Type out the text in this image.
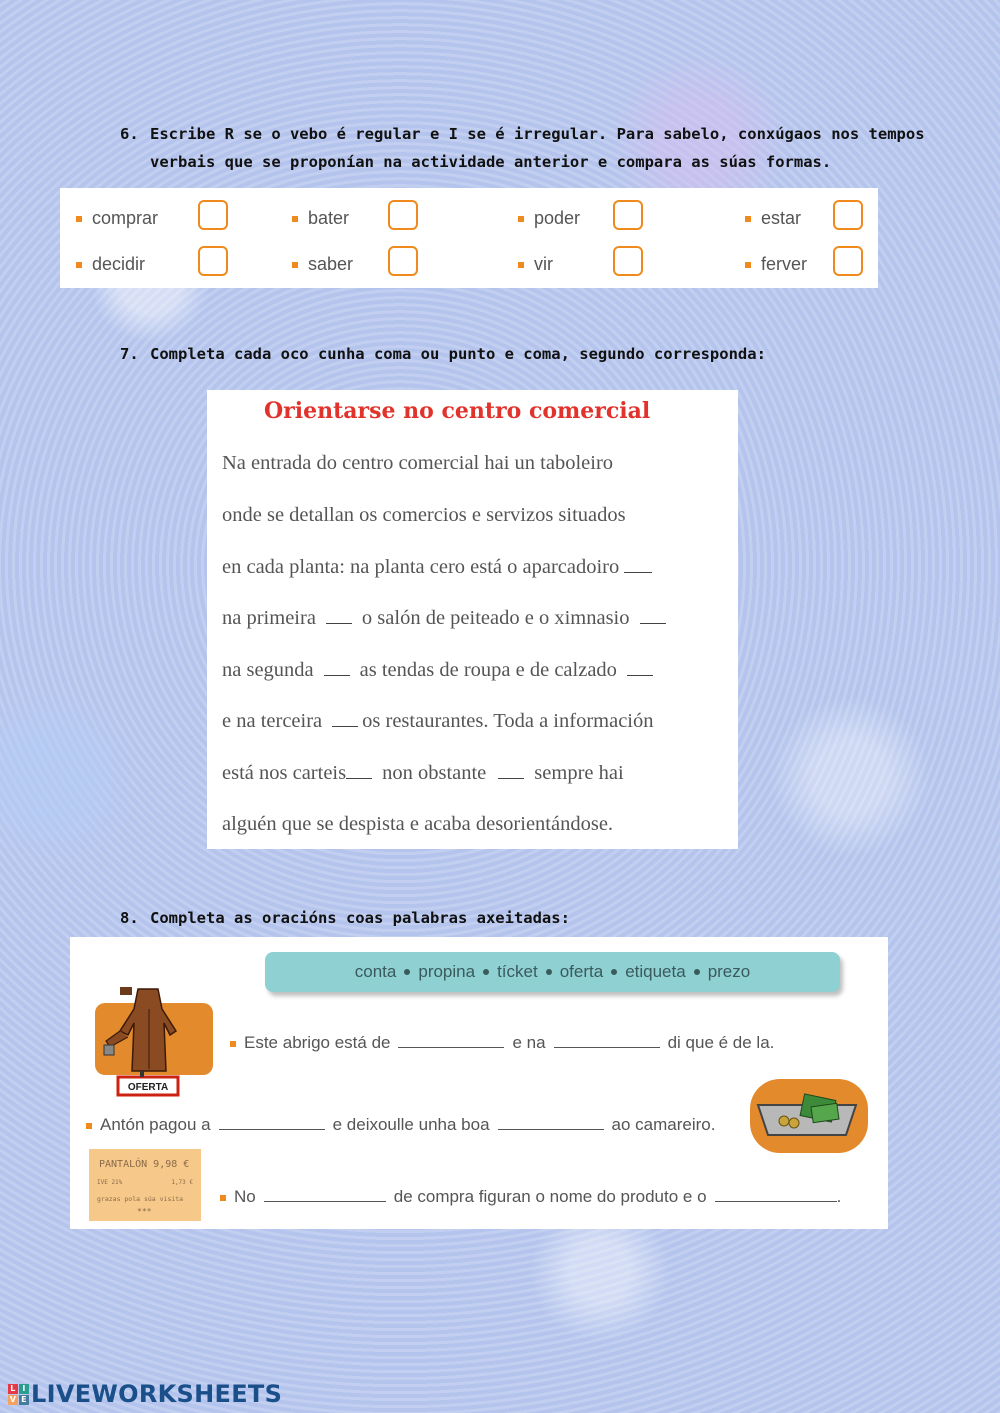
6. Escribe R se o vebo é regular e I se é irregular. Para sabelo, conxúgaos nos tempos
verbais que se proponían na actividade anterior e compara as súas formas.
comprar	bater	poder	estar
decidir	saber	vir	ferver
7. Completa cada oco cunha coma ou punto e coma, segundo corresponda:
Orientarse no centro comercial
Na entrada do centro comercial hai un taboleiro
onde se detallan os comercios e servizos situados
en cada planta: na planta cero está o aparcadoiro
na primeira o salón de peiteado e o ximnasio
na segunda as tendas de roupa e de calzado
e na terceira os restaurantes. Toda a información
está nos carteis non obstante sempre hai
alguén que se despista e acaba desorientándose.
8. Completa as oracións coas palabras axeitadas:
conta propina tícket oferta etiqueta prezo
OFERTA
Este abrigo está de	e na	di que é de la.
Antón pagou a	e deixoulle unha boa	ao camareiro.
PANTALÓN 9,98 €
IVE 21%	1,73 €
grazas pola súa visita
***
No	de compra figuran o nome do produto e o	.
L I
V E LIVEWORKSHEETS
